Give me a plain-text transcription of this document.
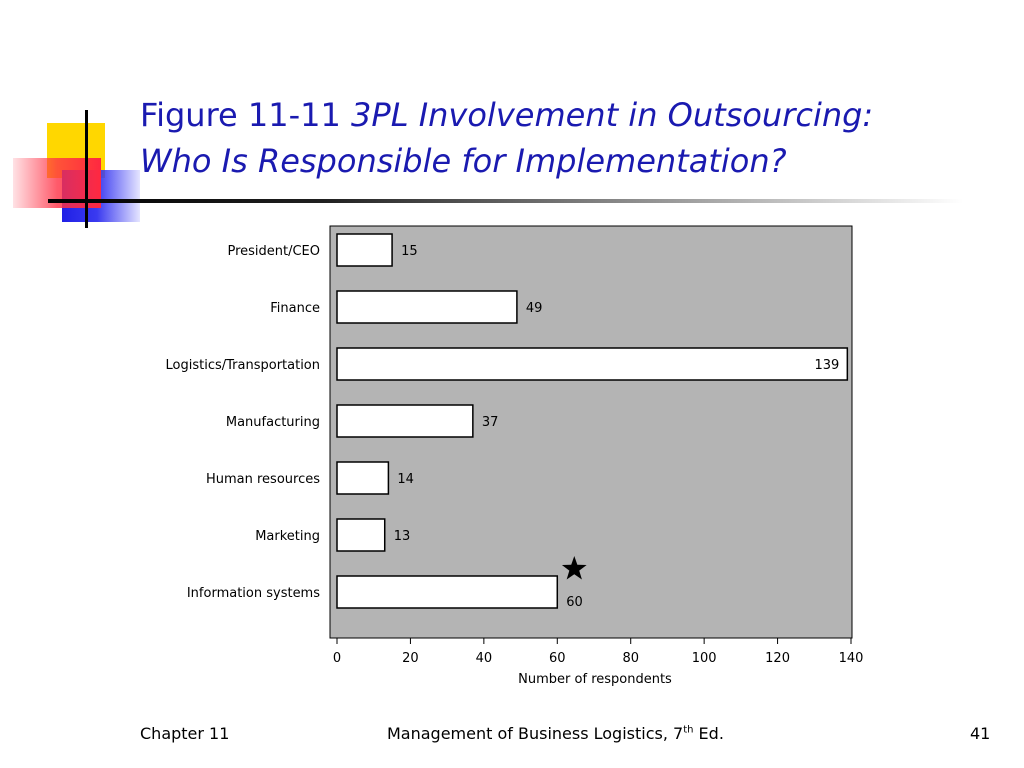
Figure 11-11 3PL Involvement in Outsourcing:
Who Is Responsible for Implementation?
15
49
139
37
14
13
60
President/CEO
Finance
Logistics/Transportation
Manufacturing
Human resources
Marketing
Information systems
0	20	40	60	80	100	120	140
Number of respondents
Chapter 11	Management of Business Logistics, 7th Ed.	41
